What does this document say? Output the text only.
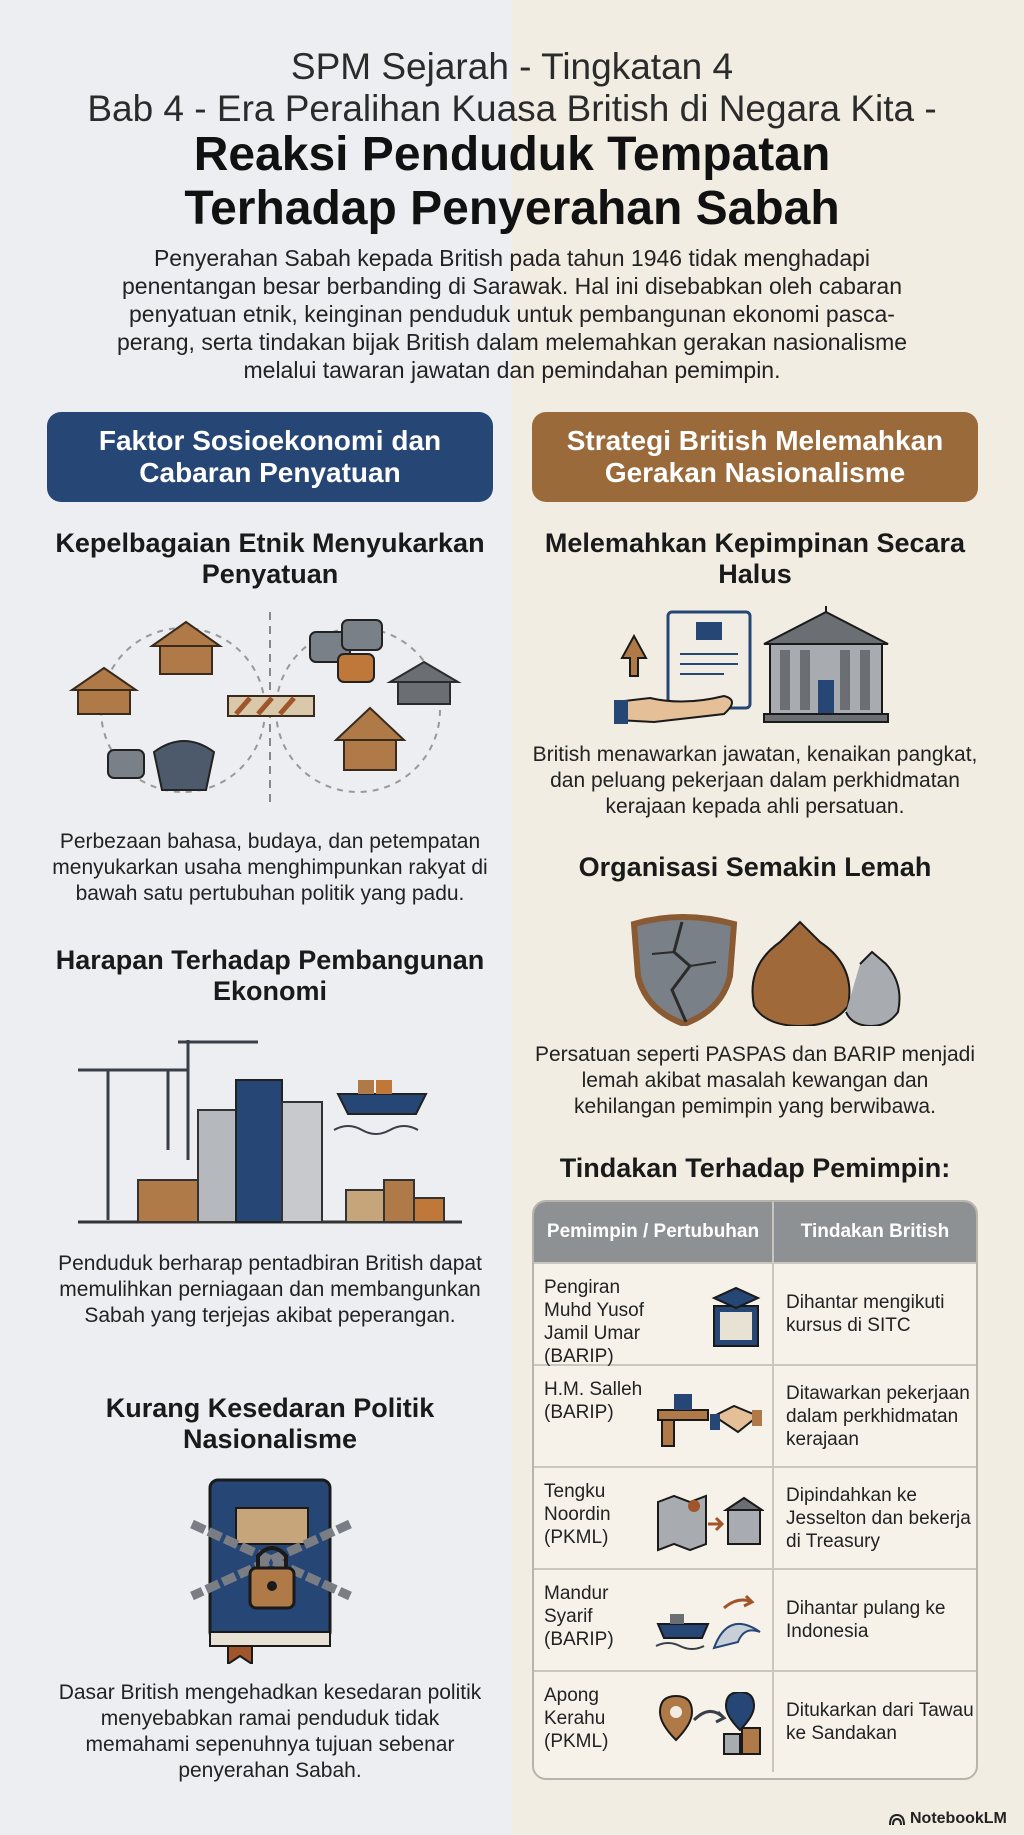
SPM Sejarah - Tingkatan 4
Bab 4 - Era Peralihan Kuasa British di Negara Kita -
Reaksi Penduduk Tempatan
Terhadap Penyerahan Sabah
Penyerahan Sabah kepada British pada tahun 1946 tidak menghadapi penentangan besar berbanding di Sarawak. Hal ini disebabkan oleh cabaran penyatuan etnik, keinginan penduduk untuk pembangunan ekonomi pasca-perang, serta tindakan bijak British dalam melemahkan gerakan nasionalisme melalui tawaran jawatan dan pemindahan pemimpin.
Faktor Sosioekonomi dan Cabaran Penyatuan
Strategi British Melemahkan Gerakan Nasionalisme
Kepelbagaian Etnik Menyukarkan Penyatuan
Perbezaan bahasa, budaya, dan petempatan menyukarkan usaha menghimpunkan rakyat di bawah satu pertubuhan politik yang padu.
Harapan Terhadap Pembangunan Ekonomi
Penduduk berharap pentadbiran British dapat memulihkan perniagaan dan membangunkan Sabah yang terjejas akibat peperangan.
Kurang Kesedaran Politik Nasionalisme
Dasar British mengehadkan kesedaran politik menyebabkan ramai penduduk tidak memahami sepenuhnya tujuan sebenar penyerahan Sabah.
Melemahkan Kepimpinan Secara Halus
British menawarkan jawatan, kenaikan pangkat, dan peluang pekerjaan dalam perkhidmatan kerajaan kepada ahli persatuan.
Organisasi Semakin Lemah
Persatuan seperti PASPAS dan BARIP menjadi lemah akibat masalah kewangan dan kehilangan pemimpin yang berwibawa.
Tindakan Terhadap Pemimpin:
Pemimpin / Pertubuhan	Tindakan British
Pengiran Muhd Yusof Jamil Umar (BARIP)
Dihantar mengikuti kursus di SITC
H.M. Salleh (BARIP)
Ditawarkan pekerjaan dalam perkhidmatan kerajaan
Tengku Noordin (PKML)
Dipindahkan ke Jesselton dan bekerja di Treasury
Mandur Syarif (BARIP)
Dihantar pulang ke Indonesia
Apong Kerahu (PKML)
Ditukarkan dari Tawau ke Sandakan
NotebookLM
